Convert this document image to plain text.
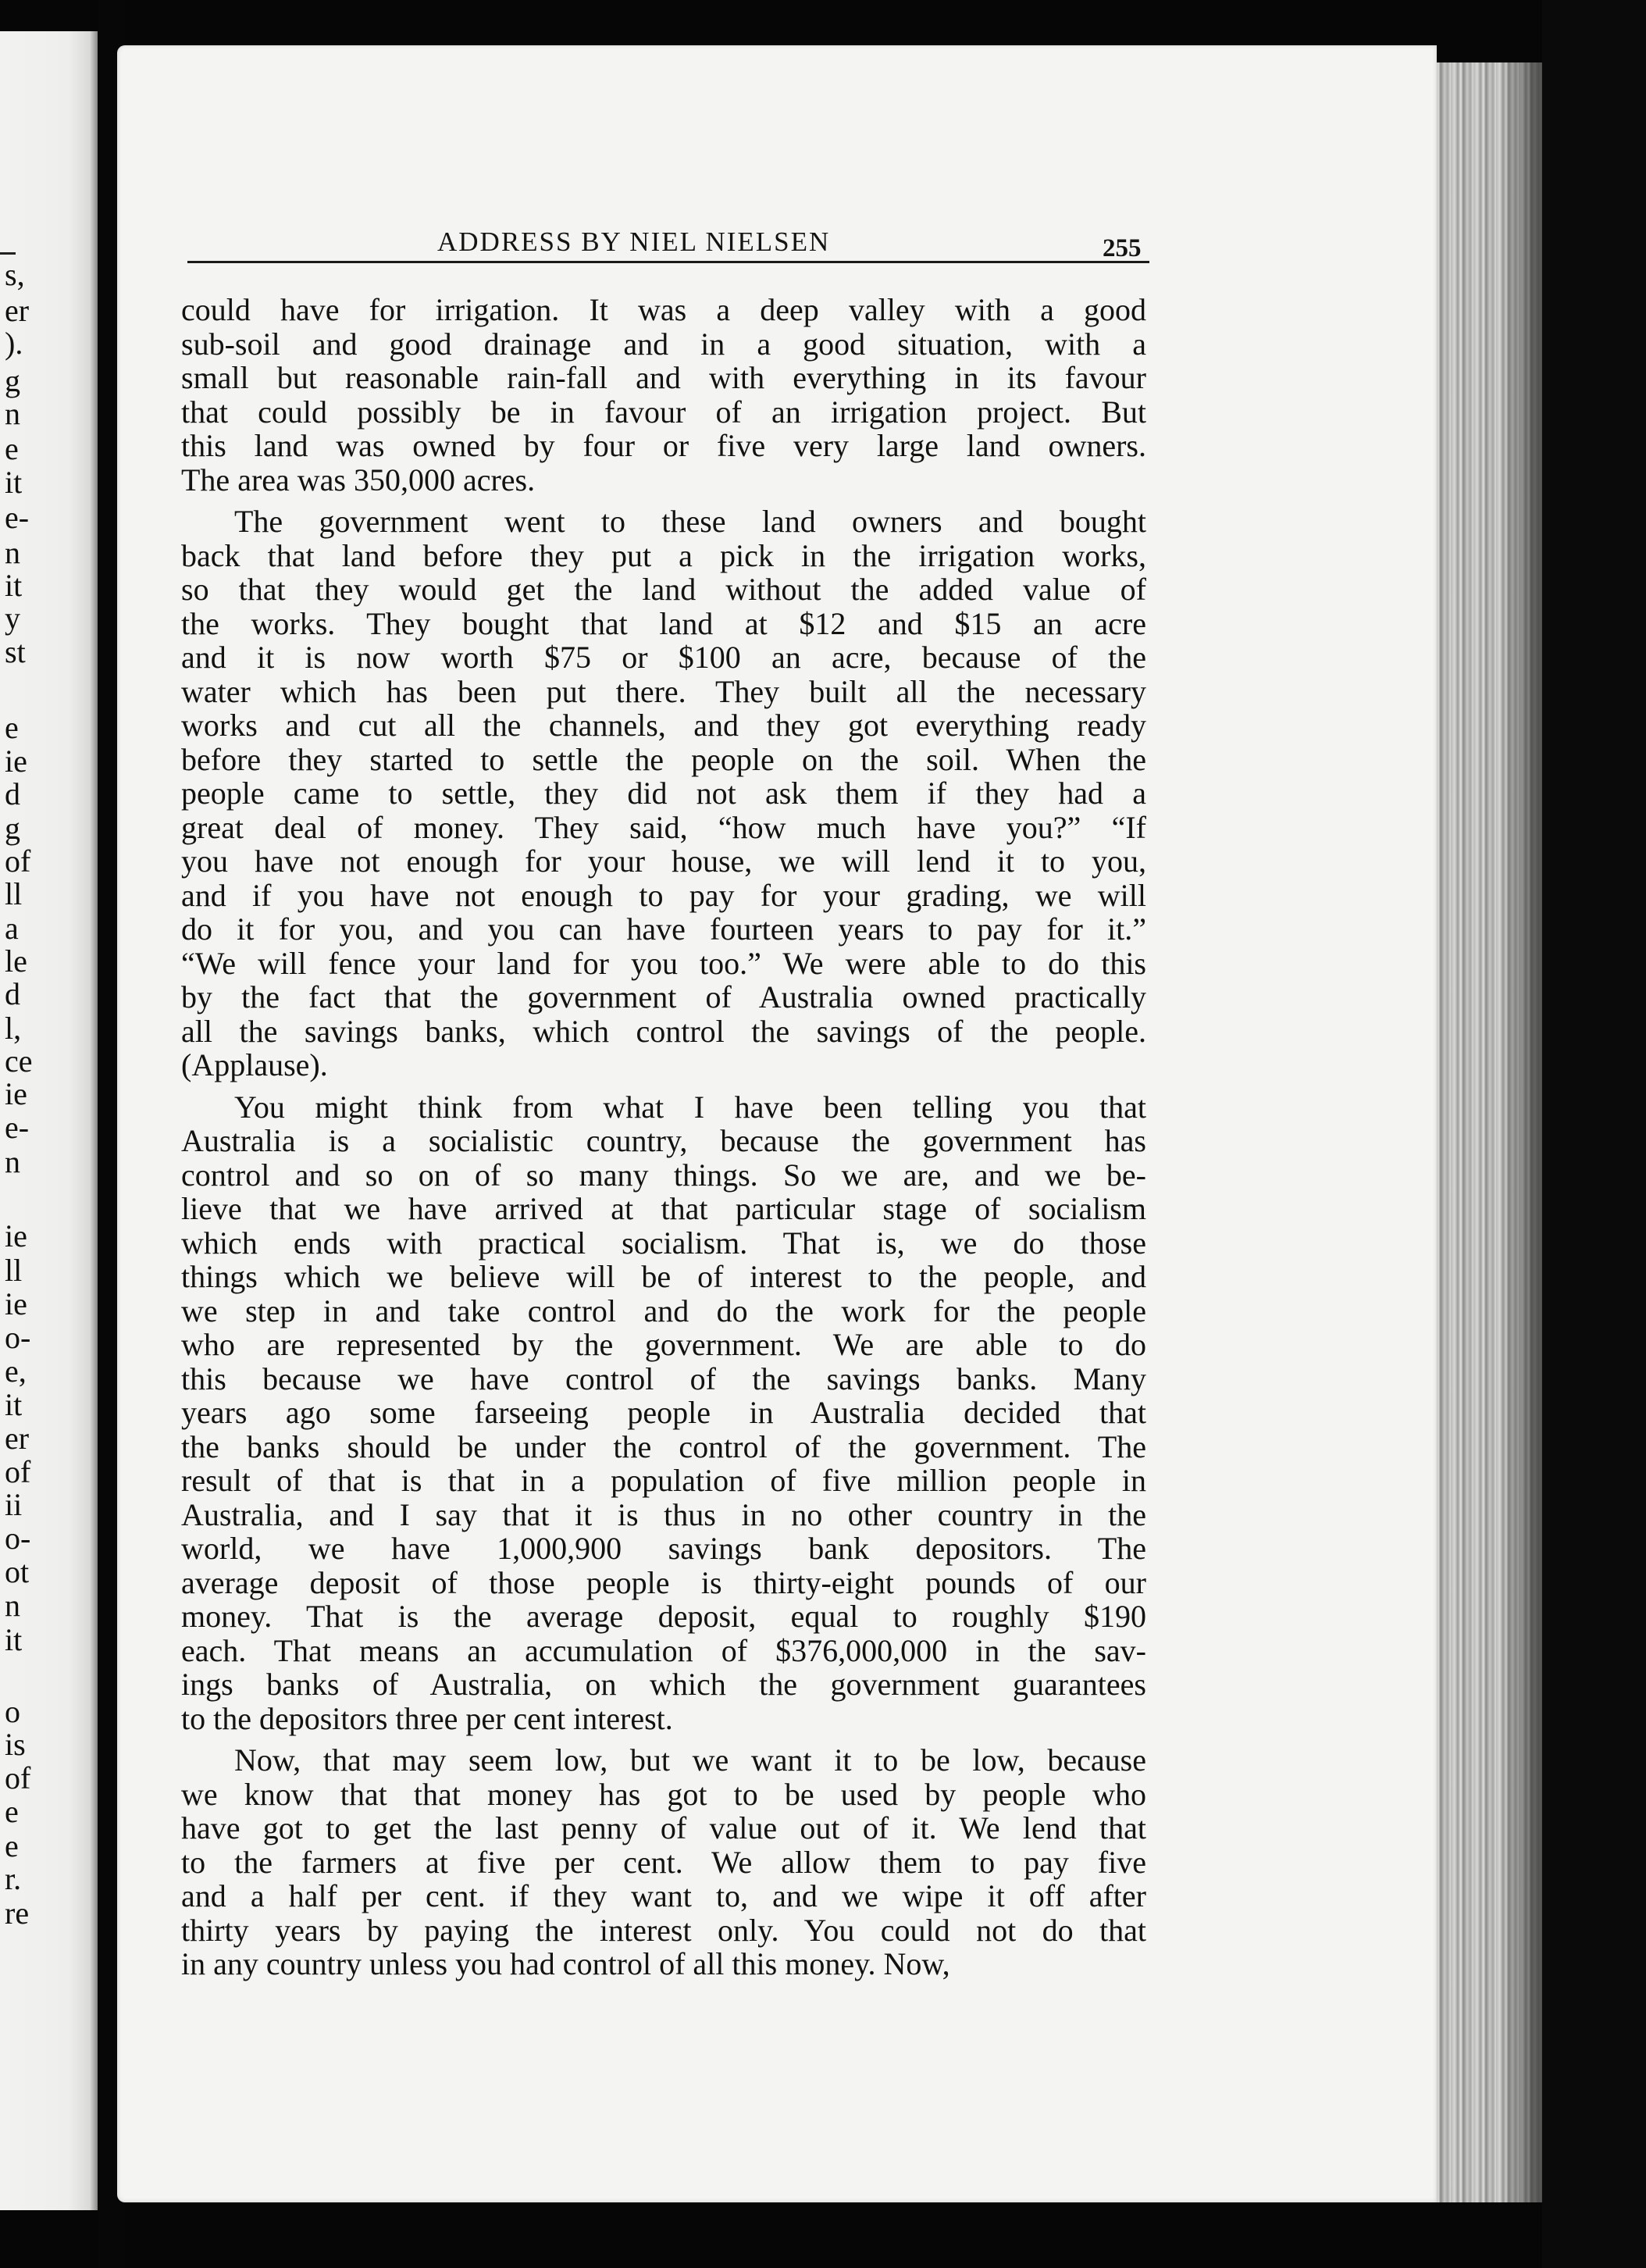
s,
er
).
g
n
e
it
e-
n
it
y
st
e
ie
d
g
of
ll
a
le
d
l,
ce
ie
e-
n
ie
ll
ie
o-
e,
it
er
of
ii
o-
ot
n
it
o
is
of
e
e
r.
re
ADDRESS BY NIEL NIELSEN	255

could have for irrigation. It was a deep valley with a good
sub-soil and good drainage and in a good situation, with a
small but reasonable rain-fall and with everything in its favour
that could possibly be in favour of an irrigation project. But
this land was owned by four or five very large land owners.
The area was 350,000 acres.

The government went to these land owners and bought
back that land before they put a pick in the irrigation works,
so that they would get the land without the added value of
the works. They bought that land at $12 and $15 an acre
and it is now worth $75 or $100 an acre, because of the
water which has been put there. They built all the necessary
works and cut all the channels, and they got everything ready
before they started to settle the people on the soil. When the
people came to settle, they did not ask them if they had a
great deal of money. They said, “how much have you?” “If
you have not enough for your house, we will lend it to you,
and if you have not enough to pay for your grading, we will
do it for you, and you can have fourteen years to pay for it.”
“We will fence your land for you too.” We were able to do this
by the fact that the government of Australia owned practically
all the savings banks, which control the savings of the people.
(Applause).

You might think from what I have been telling you that
Australia is a socialistic country, because the government has
control and so on of so many things. So we are, and we be-
lieve that we have arrived at that particular stage of socialism
which ends with practical socialism. That is, we do those
things which we believe will be of interest to the people, and
we step in and take control and do the work for the people
who are represented by the government. We are able to do
this because we have control of the savings banks. Many
years ago some farseeing people in Australia decided that
the banks should be under the control of the government. The
result of that is that in a population of five million people in
Australia, and I say that it is thus in no other country in the
world, we have 1,000,900 savings bank depositors. The
average deposit of those people is thirty-eight pounds of our
money. That is the average deposit, equal to roughly $190
each. That means an accumulation of $376,000,000 in the sav-
ings banks of Australia, on which the government guarantees
to the depositors three per cent interest.

Now, that may seem low, but we want it to be low, because
we know that that money has got to be used by people who
have got to get the last penny of value out of it. We lend that
to the farmers at five per cent. We allow them to pay five
and a half per cent. if they want to, and we wipe it off after
thirty years by paying the interest only. You could not do that
in any country unless you had control of all this money. Now,
